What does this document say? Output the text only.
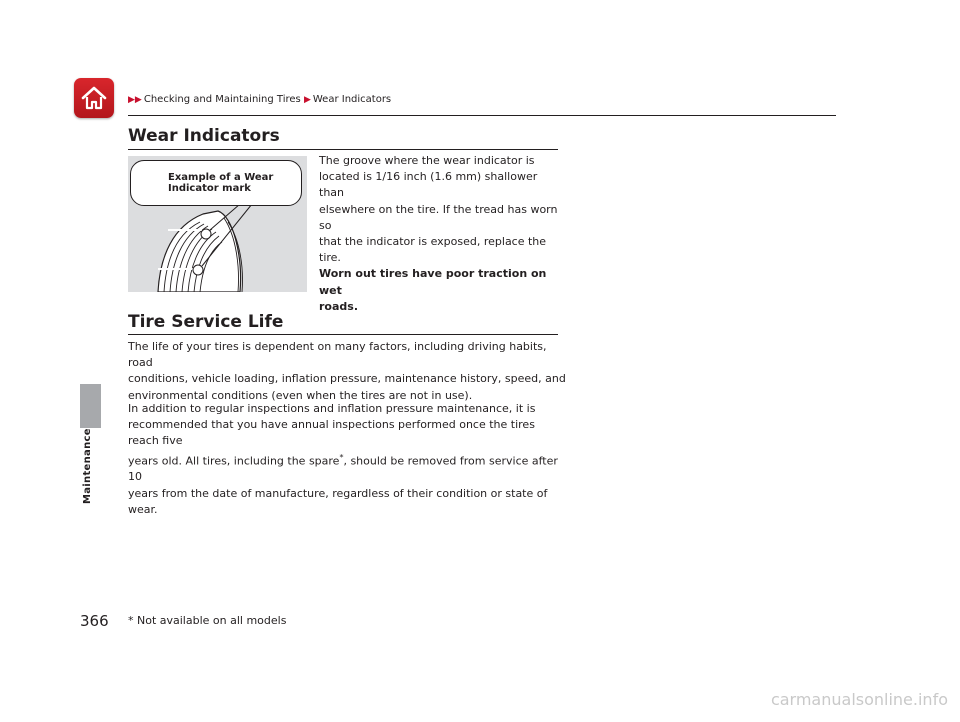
▶▶ Checking and Maintaining Tires ▶ Wear Indicators
Maintenance
Wear Indicators
Example of a Wear Indicator mark
The groove where the wear indicator is
located is 1/16 inch (1.6 mm) shallower than
elsewhere on the tire. If the tread has worn so
that the indicator is exposed, replace the tire.
Worn out tires have poor traction on wet
roads.
Tire Service Life
The life of your tires is dependent on many factors, including driving habits, road
conditions, vehicle loading, inflation pressure, maintenance history, speed, and
environmental conditions (even when the tires are not in use).
In addition to regular inspections and inflation pressure maintenance, it is
recommended that you have annual inspections performed once the tires reach five
years old. All tires, including the spare*, should be removed from service after 10
years from the date of manufacture, regardless of their condition or state of wear.
366 * Not available on all models
carmanualsonline.info
